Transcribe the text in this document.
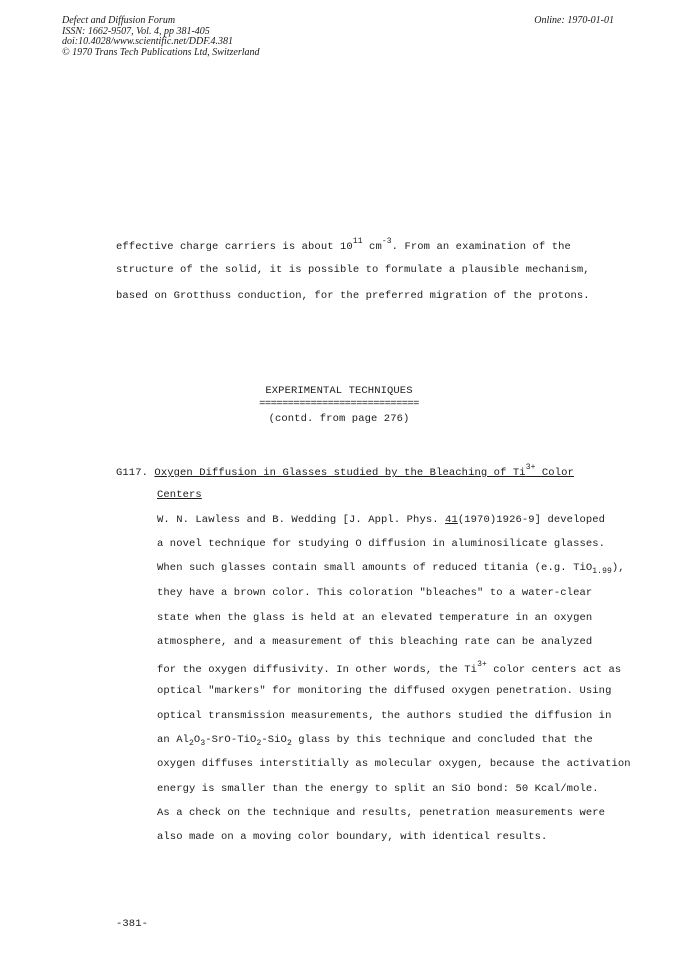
Defect and Diffusion Forum
ISSN: 1662-9507, Vol. 4, pp 381-405
doi:10.4028/www.scientific.net/DDF.4.381
© 1970 Trans Tech Publications Ltd, Switzerland
Online: 1970-01-01
effective charge carriers is about $10^{11}$ $cm^{-3}$. From an examination of the
structure of the solid, it is possible to formulate a plausible mechanism,
based on Grotthuss conduction, for the preferred migration of the protons.
EXPERIMENTAL TECHNIQUES
============================
(contd. from page 276)
G117. Oxygen Diffusion in Glasses studied by the Bleaching of $Ti^{3+}$ Color
Centers
W. N. Lawless and B. Wedding [J. Appl. Phys. 41(1970)1926-9] developed
a novel technique for studying O diffusion in aluminosilicate glasses.
When such glasses contain small amounts of reduced titania (e.g. TiO$_{1.99}$),
they have a brown color. This coloration "bleaches" to a water-clear
state when the glass is held at an elevated temperature in an oxygen
atmosphere, and a measurement of this bleaching rate can be analyzed
for the oxygen diffusivity. In other words, the $Ti^{3+}$ color centers act as
optical "markers" for monitoring the diffused oxygen penetration. Using
optical transmission measurements, the authors studied the diffusion in
an $Al_2O_3-SrO-TiO_2-SiO_2$ glass by this technique and concluded that the
oxygen diffuses interstitially as molecular oxygen, because the activation
energy is smaller than the energy to split an SiO bond: 50 Kcal/mole.
As a check on the technique and results, penetration measurements were
also made on a moving color boundary, with identical results.
-381-
